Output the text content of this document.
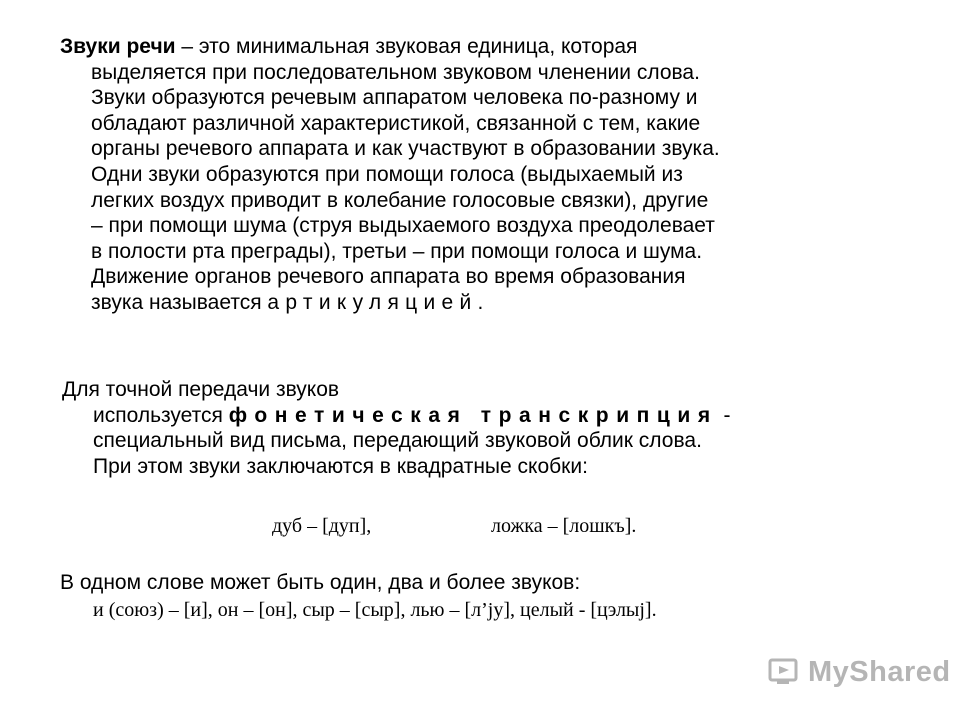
Звуки речи – это минимальная звуковая единица, которая
выделяется при последовательном звуковом членении слова.
Звуки образуются речевым аппаратом человека по-разному и
обладают различной характеристикой, связанной с тем, какие
органы речевого аппарата и как участвуют в образовании звука.
Одни звуки образуются при помощи голоса (выдыхаемый из
легких воздух приводит в колебание голосовые связки), другие
– при помощи шума (струя выдыхаемого воздуха преодолевает
в полости рта преграды), третьи – при помощи голоса и шума.
Движение органов речевого аппарата во время образования
звука называется артикуляцией.
Для точной передачи звуков
используется фонетическая транскрипция -
специальный вид письма, передающий звуковой облик слова.
При этом звуки заключаются в квадратные скобки:
дуб – [дуп],	ложка – [лошкъ].
В одном слове может быть один, два и более звуков:
и (союз) – [и], он – [он], сыр – [сыр], лью – [л’jу], целый - [цэлыj].
MyShared
